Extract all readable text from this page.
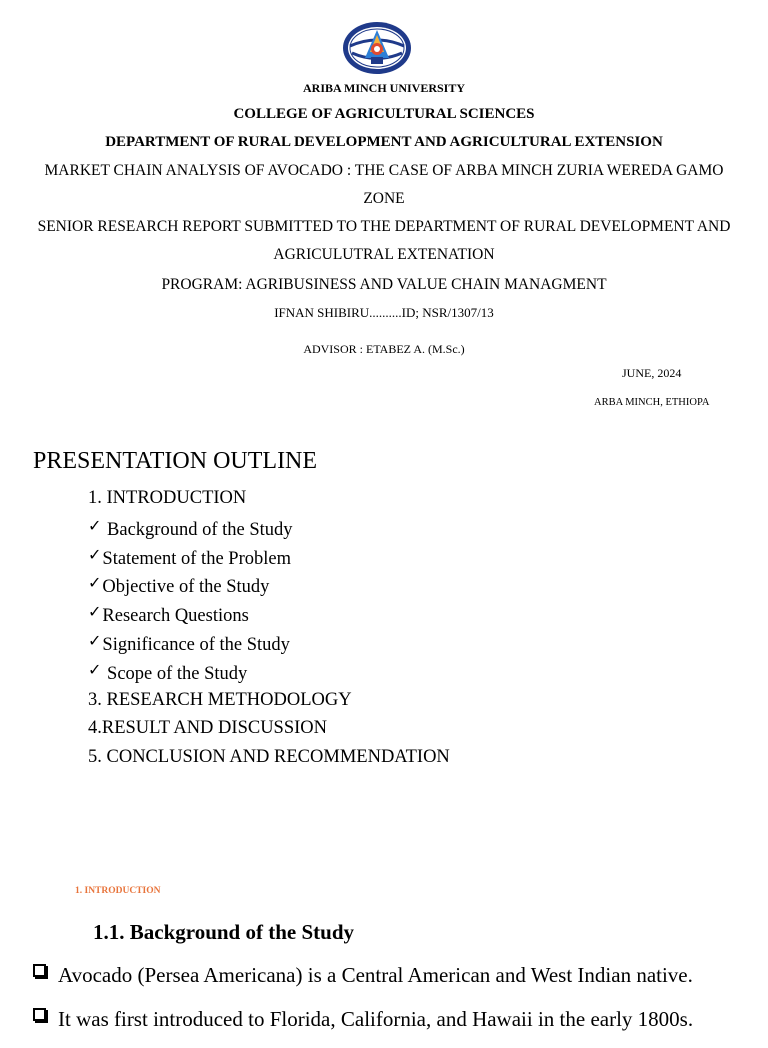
ARIBA MINCH UNIVERSITY
COLLEGE OF AGRICULTURAL SCIENCES
DEPARTMENT OF RURAL DEVELOPMENT AND AGRICULTURAL EXTENSION
MARKET CHAIN ANALYSIS OF AVOCADO : THE CASE OF ARBA MINCH ZURIA WEREDA GAMO
ZONE
SENIOR RESEARCH REPORT SUBMITTED TO THE DEPARTMENT OF RURAL DEVELOPMENT AND
AGRICULUTRAL EXTENATION
PROGRAM: AGRIBUSINESS AND VALUE CHAIN MANAGMENT
IFNAN SHIBIRU..........ID; NSR/1307/13
ADVISOR : ETABEZ A. (M.Sc.)
JUNE, 2024
ARBA MINCH, ETHIOPA
PRESENTATION OUTLINE
1. INTRODUCTION
✓ Background of the Study
✓Statement of the Problem
✓Objective of the Study
✓Research Questions
✓Significance of the Study
✓ Scope of the Study
3. RESEARCH METHODOLOGY
4.RESULT AND DISCUSSION
5. CONCLUSION AND RECOMMENDATION
1. INTRODUCTION
1.1. Background of the Study
Avocado (Persea Americana) is a Central American and West Indian native.
It was first introduced to Florida, California, and Hawaii in the early 1800s.
